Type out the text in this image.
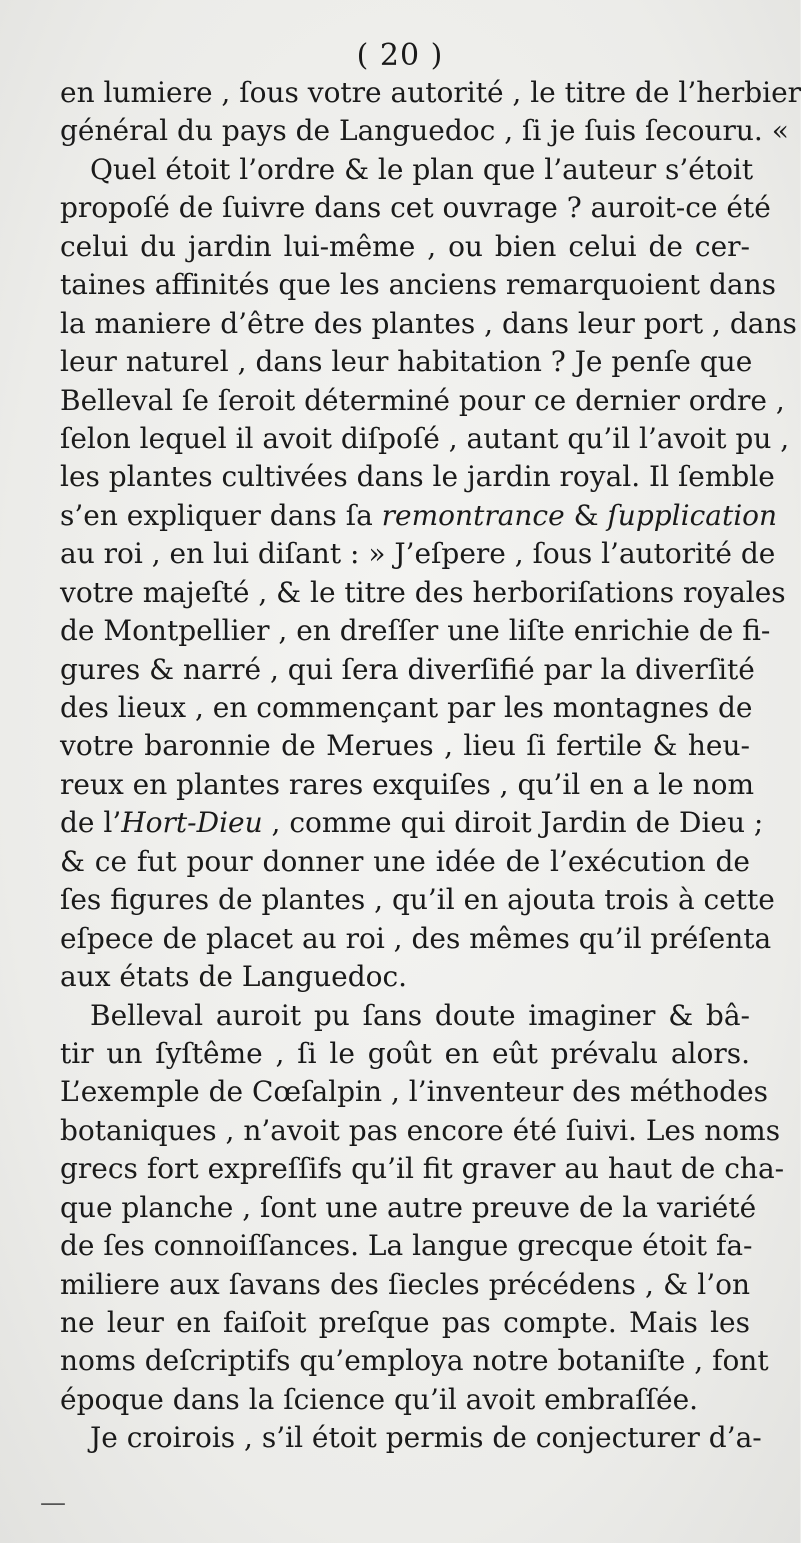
( 20 )
en lumiere , ſous votre autorité , le titre de l’herbier
général du pays de Languedoc , ſi je ſuis ſecouru. «
Quel étoit l’ordre & le plan que l’auteur s’étoit
propoſé de ſuivre dans cet ouvrage ? auroit-ce été
celui du jardin lui-même , ou bien celui de cer-
taines affinités que les anciens remarquoient dans
la maniere d’être des plantes , dans leur port , dans
leur naturel , dans leur habitation ? Je penſe que
Belleval ſe ſeroit déterminé pour ce dernier ordre ,
ſelon lequel il avoit diſpoſé , autant qu’il l’avoit pu ,
les plantes cultivées dans le jardin royal. Il ſemble
s’en expliquer dans ſa remontrance & ſupplication
au roi , en lui diſant : » J’eſpere , ſous l’autorité de
votre majeſté , & le titre des herboriſations royales
de Montpellier , en dreſſer une liſte enrichie de fi-
gures & narré , qui ſera diverſifié par la diverſité
des lieux , en commençant par les montagnes de
votre baronnie de Merues , lieu ſi fertile & heu-
reux en plantes rares exquiſes , qu’il en a le nom
de l’Hort-Dieu , comme qui diroit Jardin de Dieu ;
& ce fut pour donner une idée de l’exécution de
ſes figures de plantes , qu’il en ajouta trois à cette
eſpece de placet au roi , des mêmes qu’il préſenta
aux états de Languedoc.
Belleval auroit pu ſans doute imaginer & bâ-
tir un ſyſtême , ſi le goût en eût prévalu alors.
L’exemple de Cœſalpin , l’inventeur des méthodes
botaniques , n’avoit pas encore été ſuivi. Les noms
grecs fort expreſſifs qu’il fit graver au haut de cha-
que planche , ſont une autre preuve de la variété
de ſes connoiſſances. La langue grecque étoit fa-
miliere aux ſavans des ſiecles précédens , & l’on
ne leur en faiſoit preſque pas compte. Mais les
noms deſcriptifs qu’employa notre botaniſte , font
époque dans la ſcience qu’il avoit embraſſée.
Je croirois , s’il étoit permis de conjecturer d’a-
—
